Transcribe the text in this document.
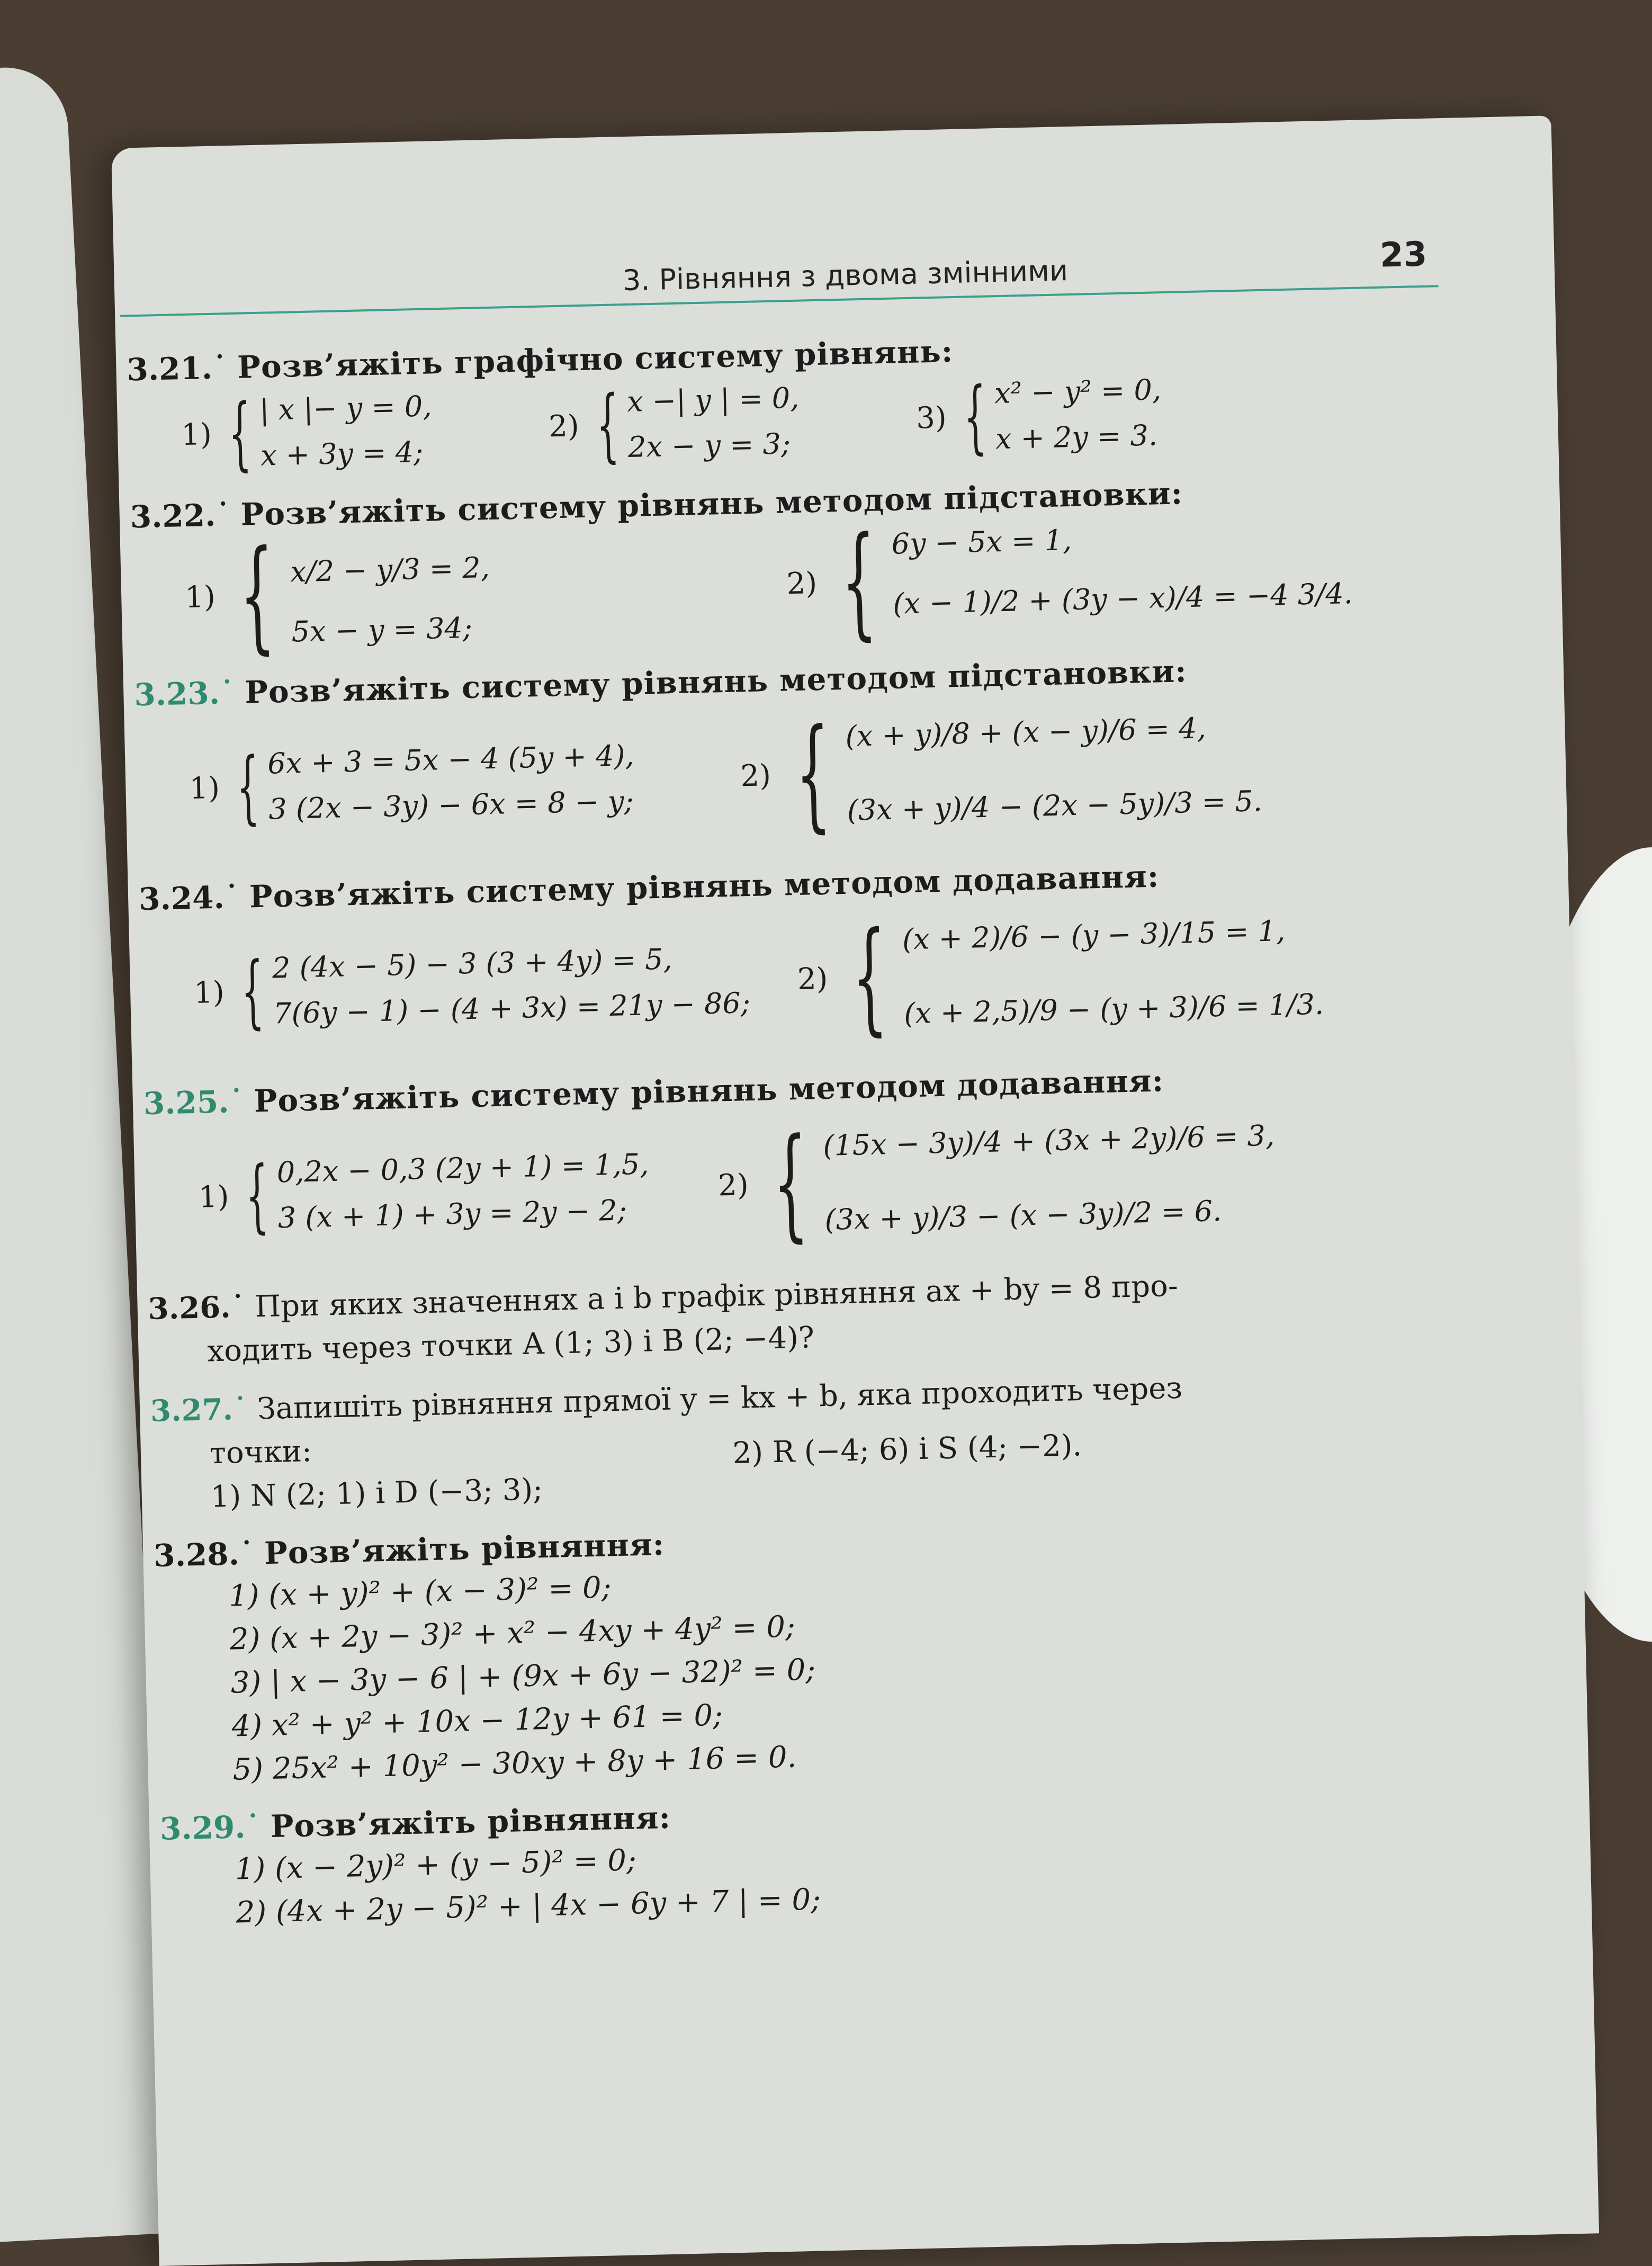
3. Рівняння з двома змінними	23
3.21.˙ Розв’яжіть графічно систему рівнянь:
1) { | x |− y = 0,
x + 3y = 4;
2) { x −| y | = 0,
2x − y = 3;
3) { x² − y² = 0,
x + 2y = 3.
3.22.˙ Розв’яжіть систему рівнянь методом підстановки:
1) { x/2 − y/3 = 2,
5x − y = 34;
2) { 6y − 5x = 1,
(x − 1)/2 + (3y − x)/4 = −4 3/4.
3.23.˙ Розв’яжіть систему рівнянь методом підстановки:
1) { 6x + 3 = 5x − 4 (5y + 4),
3 (2x − 3y) − 6x = 8 − y;
2) { (x + y)/8 + (x − y)/6 = 4,
(3x + y)/4 − (2x − 5y)/3 = 5.
3.24.˙ Розв’яжіть систему рівнянь методом додавання:
1) { 2 (4x − 5) − 3 (3 + 4y) = 5,
7(6y − 1) − (4 + 3x) = 21y − 86;
2) { (x + 2)/6 − (y − 3)/15 = 1,
(x + 2,5)/9 − (y + 3)/6 = 1/3.
3.25.˙ Розв’яжіть систему рівнянь методом додавання:
1) { 0,2x − 0,3 (2y + 1) = 1,5,
3 (x + 1) + 3y = 2y − 2;
2) { (15x − 3y)/4 + (3x + 2y)/6 = 3,
(3x + y)/3 − (x − 3y)/2 = 6.
3.26.˙ При яких значеннях a і b графік рівняння ax + by = 8 про-
ходить через точки A (1; 3) і B (2; −4)?
3.27.˙ Запишіть рівняння прямої y = kx + b, яка проходить через
точки:
1) N (2; 1) і D (−3; 3);
2) R (−4; 6) і S (4; −2).
3.28.˙ Розв’яжіть рівняння:
1) (x + y)² + (x − 3)² = 0;
2) (x + 2y − 3)² + x² − 4xy + 4y² = 0;
3) | x − 3y − 6 | + (9x + 6y − 32)² = 0;
4) x² + y² + 10x − 12y + 61 = 0;
5) 25x² + 10y² − 30xy + 8y + 16 = 0.
3.29.˙ Розв’яжіть рівняння:
1) (x − 2y)² + (y − 5)² = 0;
2) (4x + 2y − 5)² + | 4x − 6y + 7 | = 0;
